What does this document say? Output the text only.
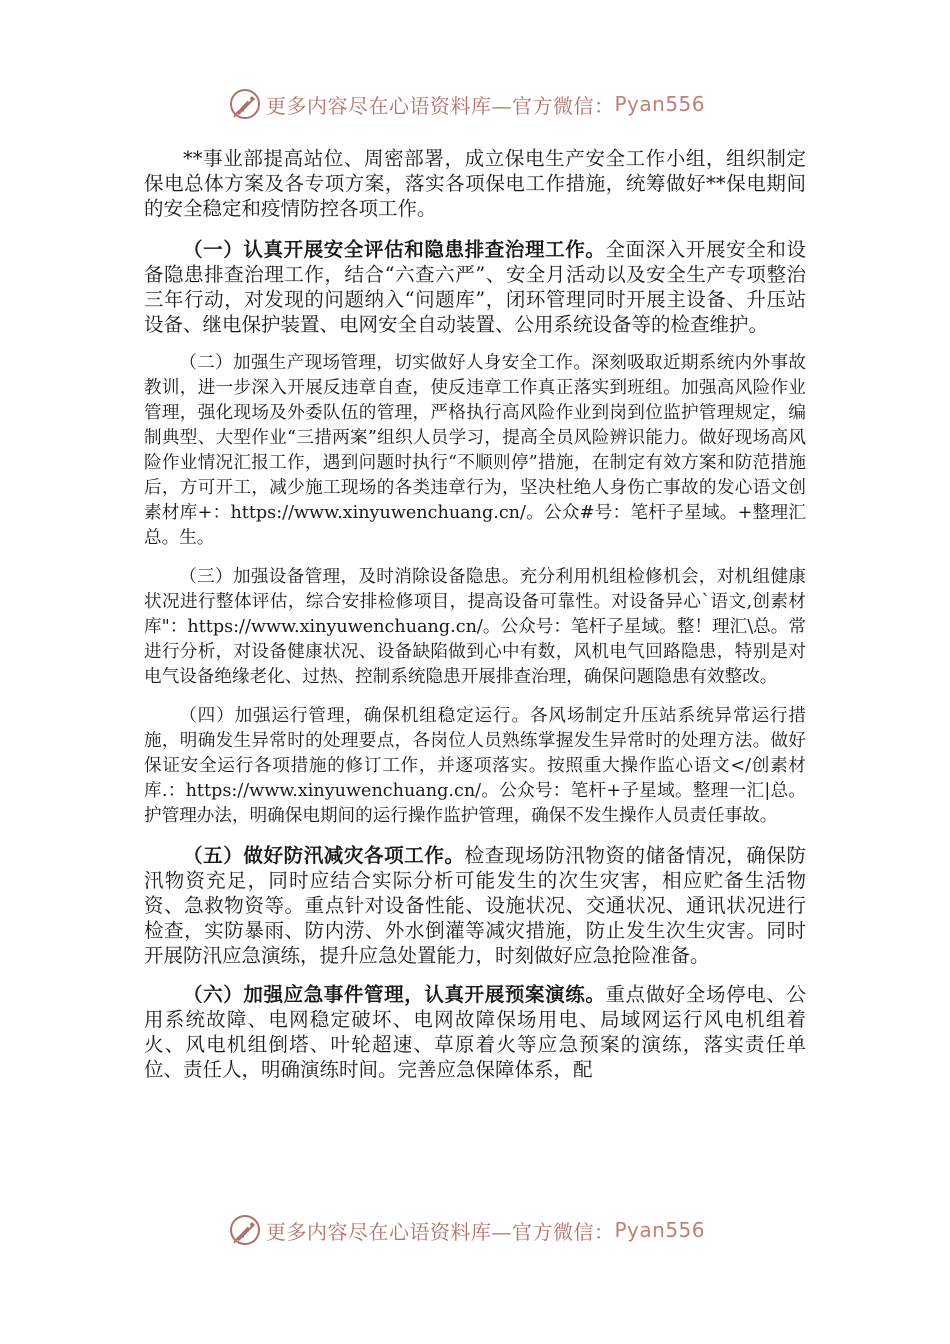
更多内容尽在心语资料库—官方微信： Pyan556

**事业部提高站位、周密部署，成立保电生产安全工作小组，组织制定保电总体方案及各专项方案，落实各项保电工作措施，统筹做好**保电期间的安全稳定和疫情防控各项工作。

（一）认真开展安全评估和隐患排查治理工作。全面深入开展安全和设备隐患排查治理工作，结合“六查六严”、安全月活动以及安全生产专项整治三年行动，对发现的问题纳入“问题库”，闭环管理同时开展主设备、升压站设备、继电保护装置、电网安全自动装置、公用系统设备等的检查维护。

（二）加强生产现场管理，切实做好人身安全工作。深刻吸取近期系统内外事故教训，进一步深入开展反违章自查，使反违章工作真正落实到班组。加强高风险作业管理，强化现场及外委队伍的管理，严格执行高风险作业到岗到位监护管理规定，编制典型、大型作业“三措两案”组织人员学习，提高全员风险辨识能力。做好现场高风险作业情况汇报工作，遇到问题时执行“不顺则停”措施，在制定有效方案和防范措施后，方可开工，减少施工现场的各类违章行为，坚决杜绝人身伤亡事故的发心语文创素材库+：https://www.xinyuwenchuang.cn/。公众#号：笔杆子星域。+整理汇总。生。

（三）加强设备管理，及时消除设备隐患。充分利用机组检修机会，对机组健康状况进行整体评估，综合安排检修项目，提高设备可靠性。对设备异心`语文,创素材库"：https://www.xinyuwenchuang.cn/。公众号：笔杆子星域。整！理汇\总。常进行分析，对设备健康状况、设备缺陷做到心中有数，风机电气回路隐患，特别是对电气设备绝缘老化、过热、控制系统隐患开展排查治理，确保问题隐患有效整改。

（四）加强运行管理，确保机组稳定运行。各风场制定升压站系统异常运行措施，明确发生异常时的处理要点，各岗位人员熟练掌握发生异常时的处理方法。做好保证安全运行各项措施的修订工作，并逐项落实。按照重大操作监心语文</创素材库.：https://www.xinyuwenchuang.cn/。公众号：笔杆+子星域。整理一汇|总。护管理办法，明确保电期间的运行操作监护管理，确保不发生操作人员责任事故。

（五）做好防汛减灾各项工作。检查现场防汛物资的储备情况，确保防汛物资充足，同时应结合实际分析可能发生的次生灾害，相应贮备生活物资、急救物资等。重点针对设备性能、设施状况、交通状况、通讯状况进行检查，实防暴雨、防内涝、外水倒灌等减灾措施，防止发生次生灾害。同时开展防汛应急演练，提升应急处置能力，时刻做好应急抢险准备。

（六）加强应急事件管理，认真开展预案演练。重点做好全场停电、公用系统故障、电网稳定破坏、电网故障保场用电、局域网运行风电机组着火、风电机组倒塔、叶轮超速、草原着火等应急预案的演练，落实责任单位、责任人，明确演练时间。完善应急保障体系，配

更多内容尽在心语资料库—官方微信： Pyan556
